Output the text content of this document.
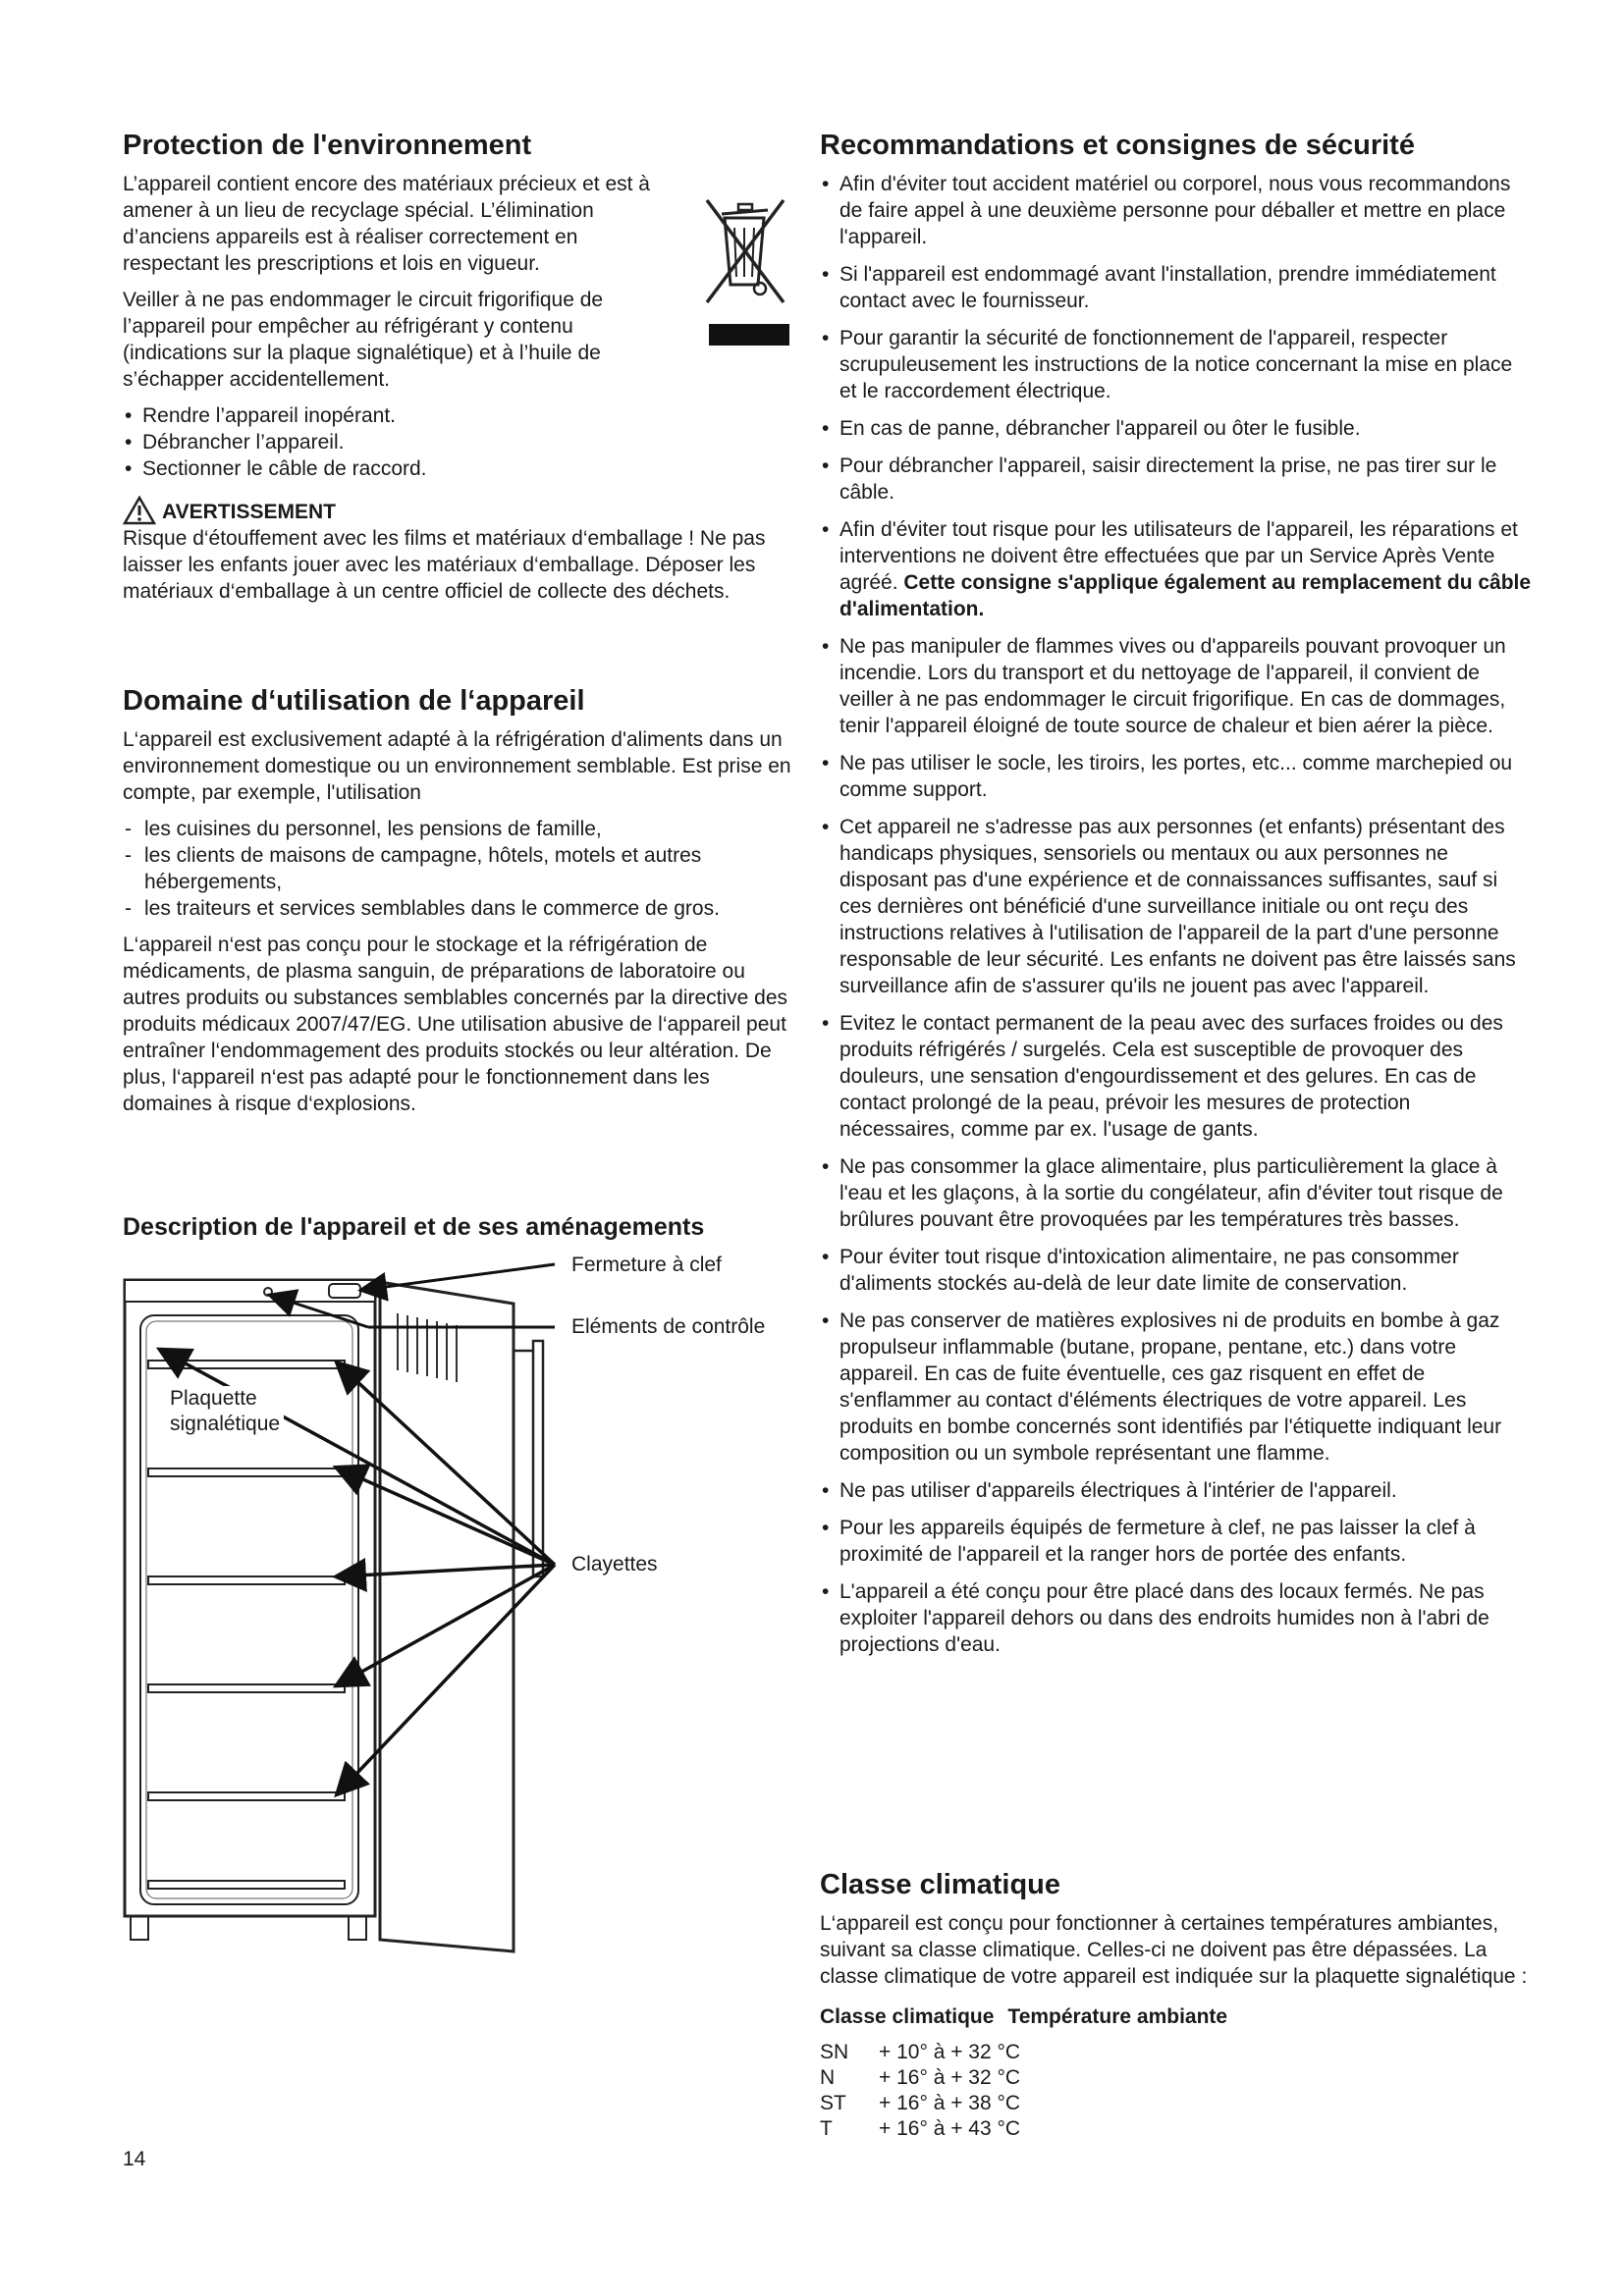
Protection de l'environnement

L’appareil contient encore des matériaux précieux et est à amener à un lieu de recyclage spécial. L’élimination d’anciens appareils est à réaliser correctement en respectant les prescriptions et lois en vigueur.

Veiller à ne pas endommager le circuit frigorifique de l’appareil pour empêcher au réfrigérant y contenu (indications sur la plaque signalétique) et à l’huile de s’échapper accidentellement.

• Rendre l’appareil inopérant.
• Débrancher l’appareil.
• Sectionner le câble de raccord.
AVERTISSEMENT

Risque d‘étouffement avec les films et matériaux d‘emballage ! Ne pas laisser les enfants jouer avec les matériaux d‘emballage. Déposer les matériaux d‘emballage à un centre officiel de collecte des déchets.

Domaine d‘utilisation de l‘appareil

L‘appareil est exclusivement adapté à la réfrigération d'aliments dans un environnement domestique ou un environnement semblable. Est prise en compte, par exemple, l'utilisation

- les cuisines du personnel, les pensions de famille,
- les clients de maisons de campagne, hôtels, motels et autres hébergements,
- les traiteurs et services semblables dans le commerce de gros.

L‘appareil n‘est pas conçu pour le stockage et la réfrigération de médicaments, de plasma sanguin, de préparations de laboratoire ou autres produits ou substances semblables concernés par la directive des produits médicaux 2007/47/EG. Une utilisation abusive de l‘appareil peut entraîner l‘endommagement des produits stockés ou leur altération. De plus, l‘appareil n‘est pas adapté pour le fonctionnement dans les domaines à risque d‘explosions.

Description de l'appareil et de ses aménagements
Fermeture à clef
Eléments de contrôle
Plaquette
signalétique
Clayettes
Recommandations et consignes de sécurité
• Afin d'éviter tout accident matériel ou corporel, nous vous recommandons de faire appel à une deuxième personne pour déballer et mettre en place l'appareil.
• Si l'appareil est endommagé avant l'installation, prendre immédiatement contact avec le fournisseur.
• Pour garantir la sécurité de fonctionnement de l'appareil, respecter scrupuleusement les instructions de la notice concernant la mise en place et le raccordement électrique.
• En cas de panne, débrancher l'appareil ou ôter le fusible.
• Pour débrancher l'appareil, saisir directement la prise, ne pas tirer sur le câble.
• Afin d'éviter tout risque pour les utilisateurs de l'appareil, les réparations et interventions ne doivent être effectuées que par un Service Après Vente agréé. Cette consigne s'applique également au remplacement du câble d'alimentation.
• Ne pas manipuler de flammes vives ou d'appareils pouvant provoquer un incendie. Lors du transport et du nettoyage de l'appareil, il convient de veiller à ne pas endommager le circuit frigorifique. En cas de dommages, tenir l'appareil éloigné de toute source de chaleur et bien aérer la pièce.
• Ne pas utiliser le socle, les tiroirs, les portes, etc... comme marchepied ou comme support.
• Cet appareil ne s'adresse pas aux personnes (et enfants) présentant des handicaps physiques, sensoriels ou mentaux ou aux personnes ne disposant pas d'une expérience et de connaissances suffisantes, sauf si ces dernières ont bénéficié d'une surveillance initiale ou ont reçu des instructions relatives à l'utilisation de l'appareil de la part d'une personne responsable de leur sécurité. Les enfants ne doivent pas être laissés sans surveillance afin de s'assurer qu'ils ne jouent pas avec l'appareil.
• Evitez le contact permanent de la peau avec des surfaces froides ou des produits réfrigérés / surgelés. Cela est susceptible de provoquer des douleurs, une sensation d'engourdissement et des gelures. En cas de contact prolongé de la peau, prévoir les mesures de protection nécessaires, comme par ex. l'usage de gants.
• Ne pas consommer la glace alimentaire, plus particulièrement la glace à l'eau et les glaçons, à la sortie du congélateur, afin d'éviter tout risque de brûlures pouvant être provoquées par les températures très basses.
• Pour éviter tout risque d'intoxication alimentaire, ne pas consommer d'aliments stockés au-delà de leur date limite de conservation.
• Ne pas conserver de matières explosives ni de produits en bombe à gaz propulseur inflammable (butane, propane, pentane, etc.) dans votre appareil. En cas de fuite éventuelle, ces gaz risquent en effet de s'enflammer au contact d'éléments électriques de votre appareil. Les produits en bombe concernés sont identifiés par l'étiquette indiquant leur composition ou un symbole représentant une flamme.
• Ne pas utiliser d'appareils électriques à l'intérier de l'appareil.
• Pour les appareils équipés de fermeture à clef, ne pas laisser la clef à proximité de l'appareil et la ranger hors de portée des enfants.
• L'appareil a été conçu pour être placé dans des locaux fermés. Ne pas exploiter l'appareil dehors ou dans des endroits humides non à l'abri de projections d'eau.
Classe climatique

L‘appareil est conçu pour fonctionner à certaines températures ambiantes, suivant sa classe climatique. Celles-ci ne doivent pas être dépassées. La classe climatique de votre appareil est indiquée sur la plaquette signalétique :

Classe climatique Température ambiante
SN	+ 10° à + 32 °C
N	+ 16° à + 32 °C
ST	+ 16° à + 38 °C
T	+ 16° à + 43 °C
14
